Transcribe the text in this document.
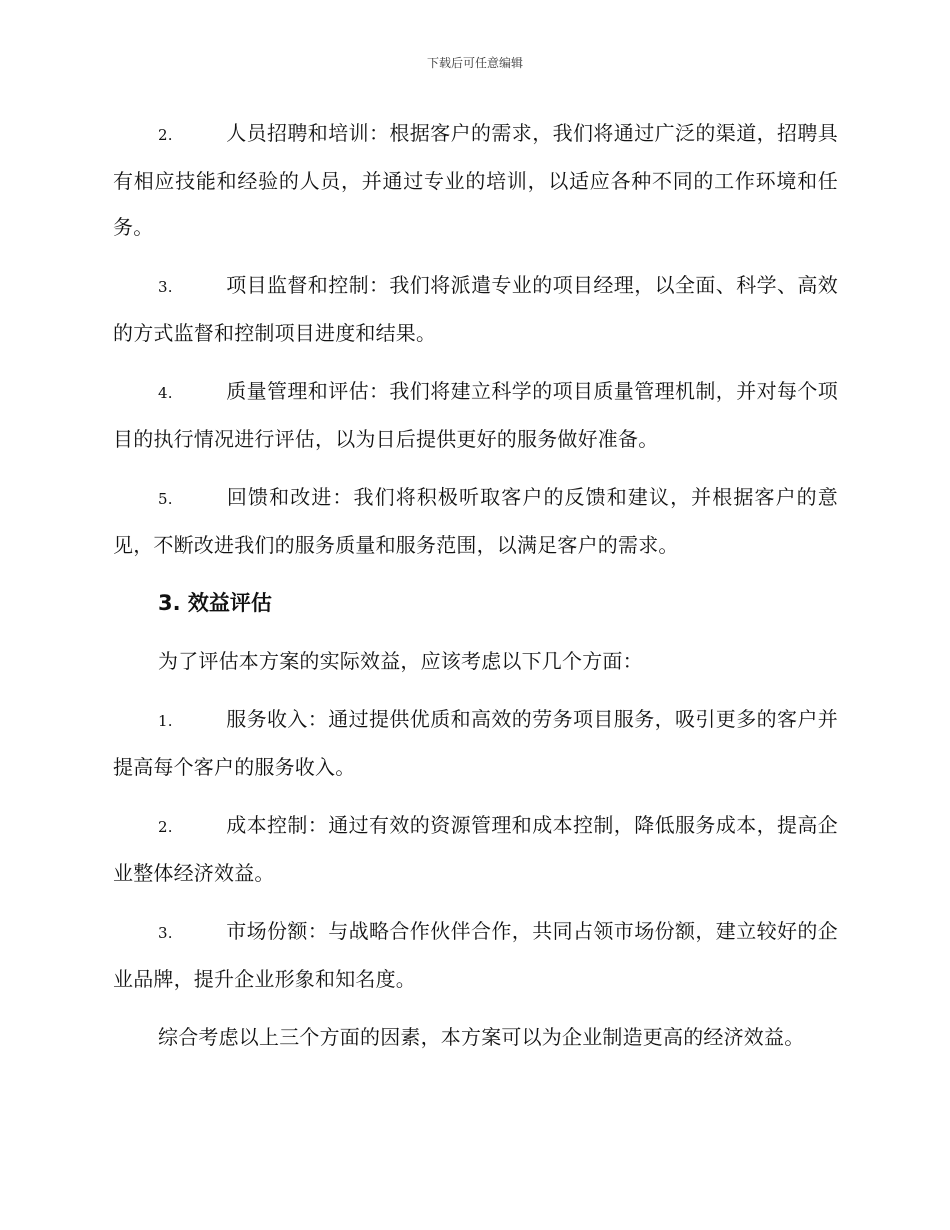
下载后可任意编辑

2.	人员招聘和培训：根据客户的需求，我们将通过广泛的渠道，招聘具有相应技能和经验的人员，并通过专业的培训，以适应各种不同的工作环境和任务。

3.	项目监督和控制：我们将派遣专业的项目经理，以全面、科学、高效的方式监督和控制项目进度和结果。

4.	质量管理和评估：我们将建立科学的项目质量管理机制，并对每个项目的执行情况进行评估，以为日后提供更好的服务做好准备。

5.	回馈和改进：我们将积极听取客户的反馈和建议，并根据客户的意见，不断改进我们的服务质量和服务范围，以满足客户的需求。

3. 效益评估

为了评估本方案的实际效益，应该考虑以下几个方面：

1.	服务收入：通过提供优质和高效的劳务项目服务，吸引更多的客户并提高每个客户的服务收入。

2.	成本控制：通过有效的资源管理和成本控制，降低服务成本，提高企业整体经济效益。

3.	市场份额：与战略合作伙伴合作，共同占领市场份额，建立较好的企业品牌，提升企业形象和知名度。

综合考虑以上三个方面的因素，本方案可以为企业制造更高的经济效益。
